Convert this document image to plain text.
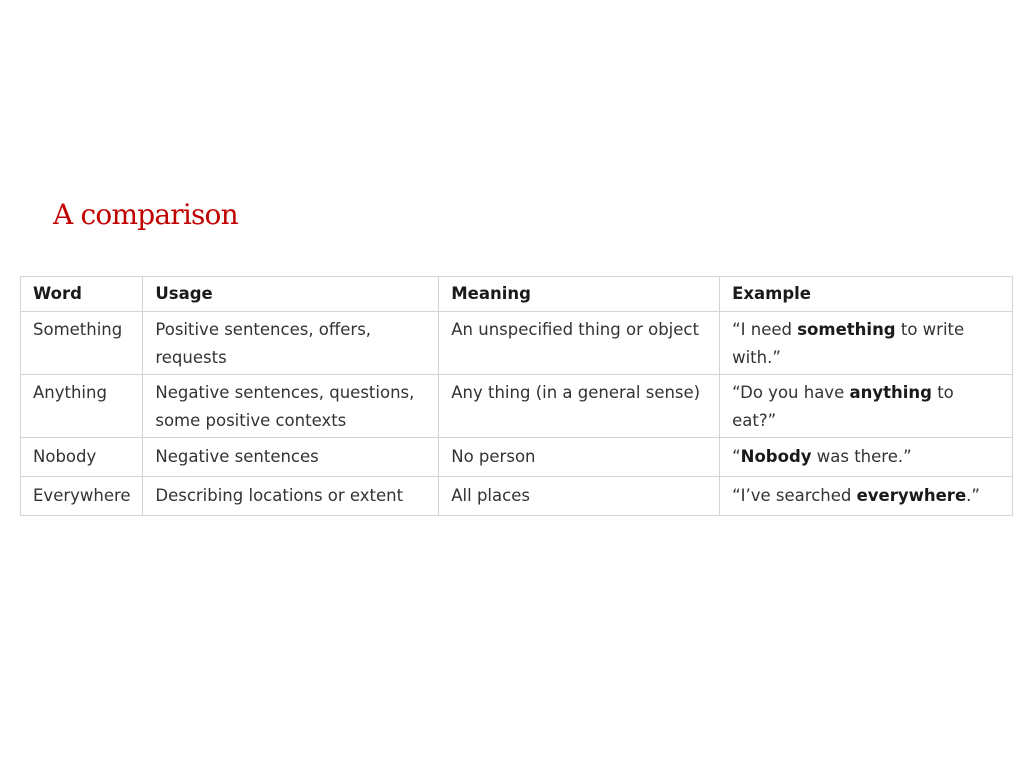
A comparison
Word	Usage	Meaning	Example
Something	Positive sentences, offers, requests	An unspecified thing or object	“I need something to write with.”
Anything	Negative sentences, questions, some positive contexts	Any thing (in a general sense)	“Do you have anything to eat?”
Nobody	Negative sentences	No person	“Nobody was there.”
Everywhere	Describing locations or extent	All places	“I’ve searched everywhere.”
